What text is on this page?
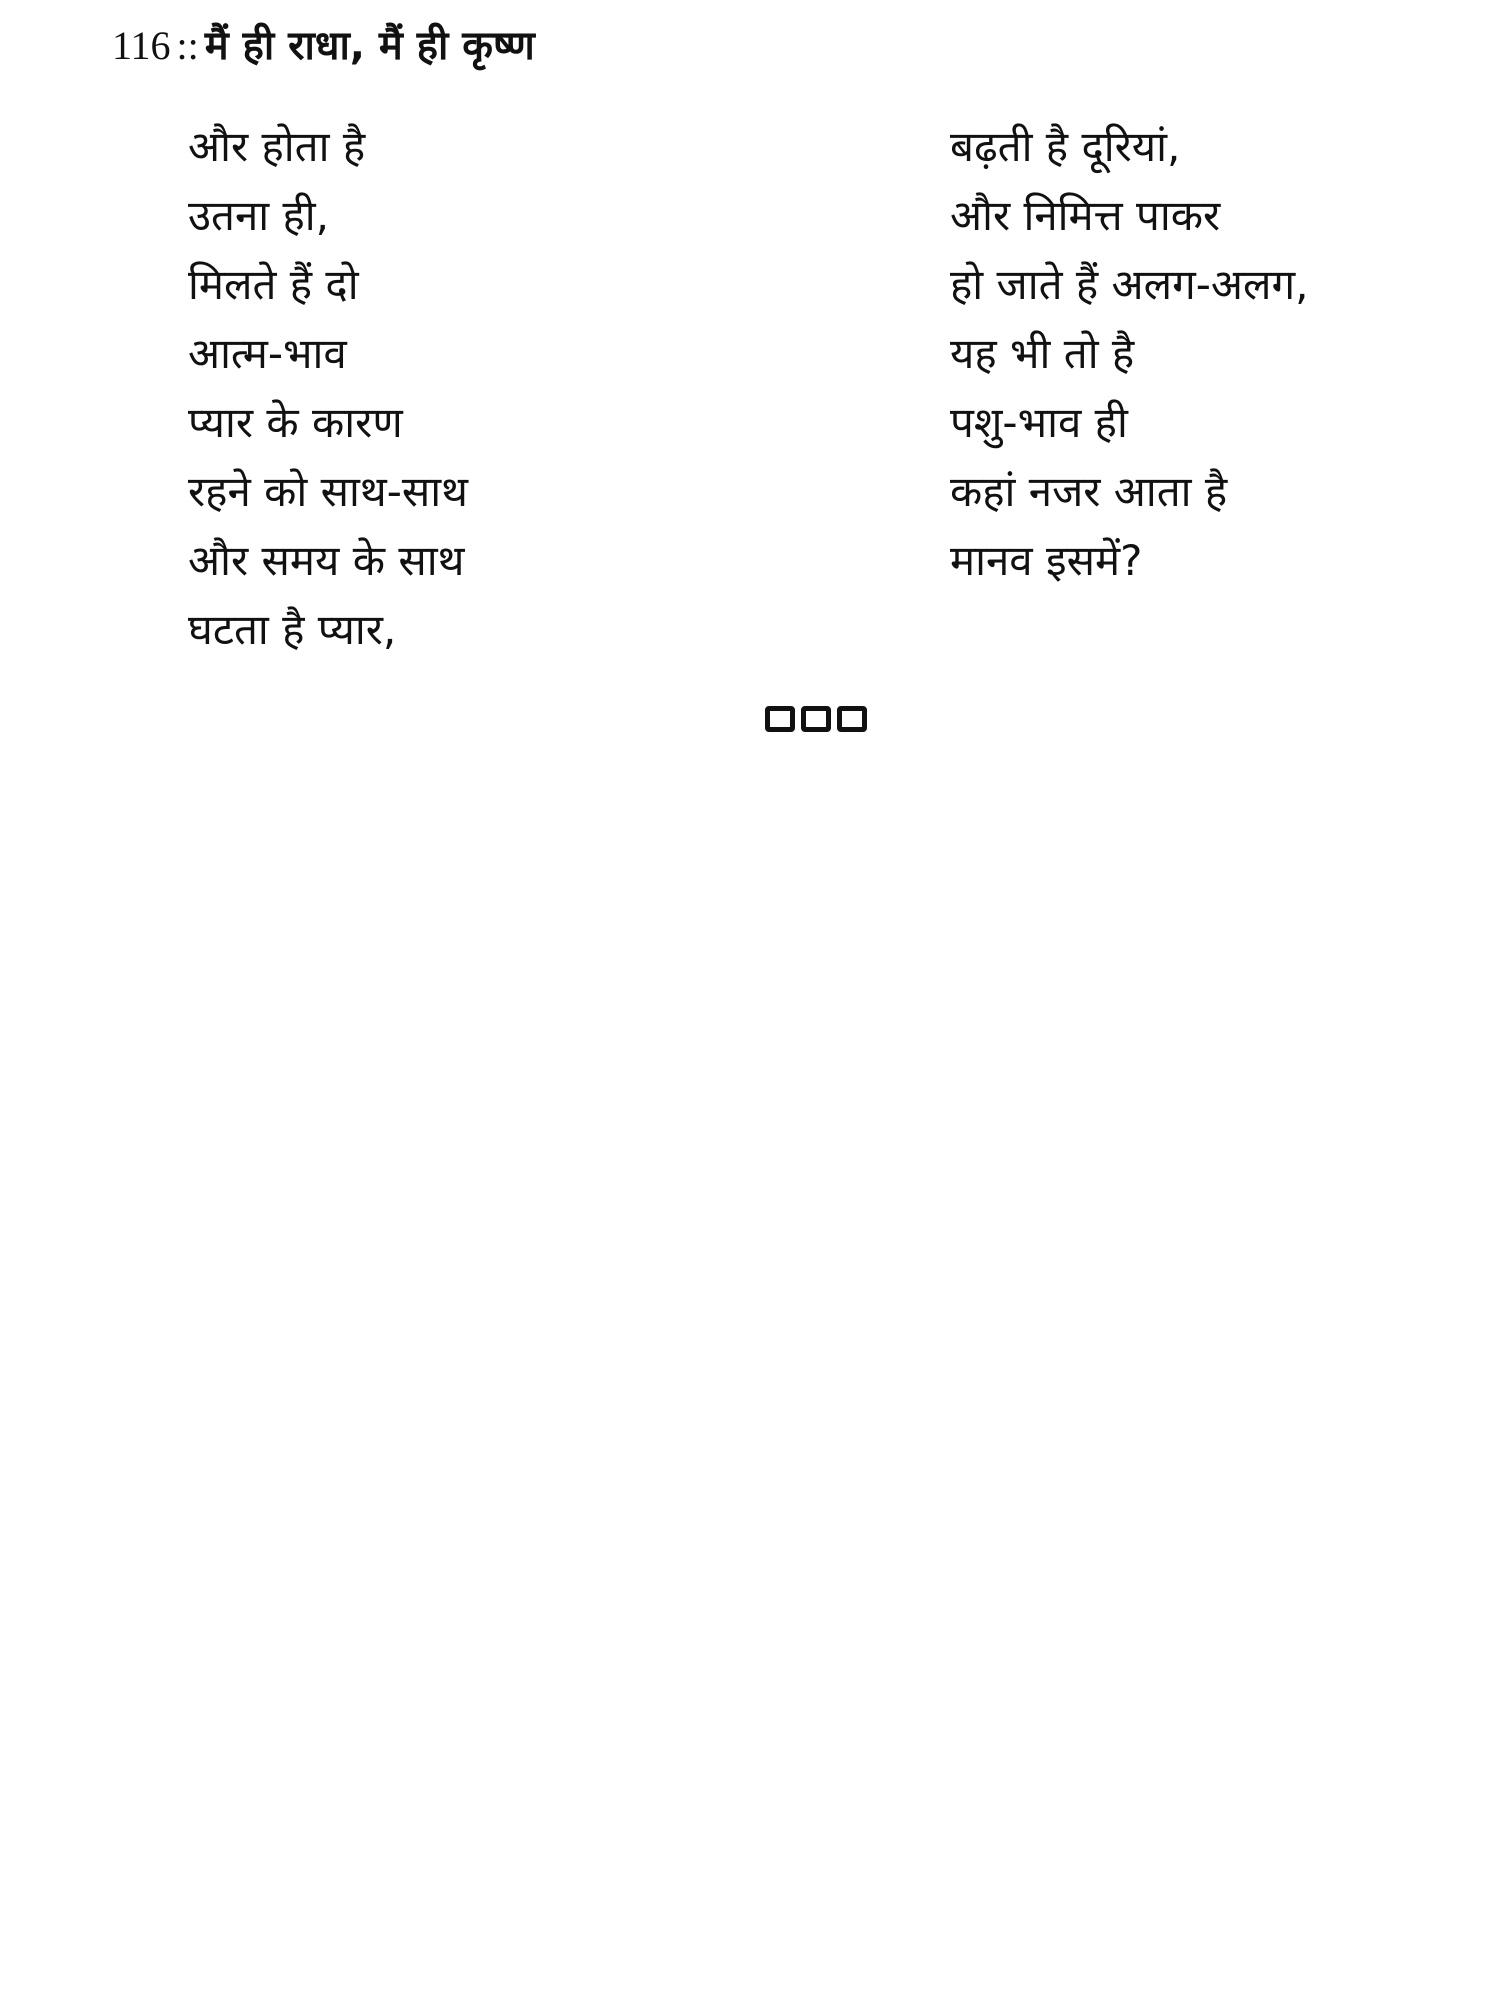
116 :: मैं ही राधा, मैं ही कृष्ण
और होता है
उतना ही,
मिलते हैं दो
आत्म-भाव
प्यार के कारण
रहने को साथ-साथ
और समय के साथ
घटता है प्यार,
बढ़ती है दूरियां,
और निमित्त पाकर
हो जाते हैं अलग-अलग,
यह भी तो है
पशु-भाव ही
कहां नजर आता है
मानव इसमें?
